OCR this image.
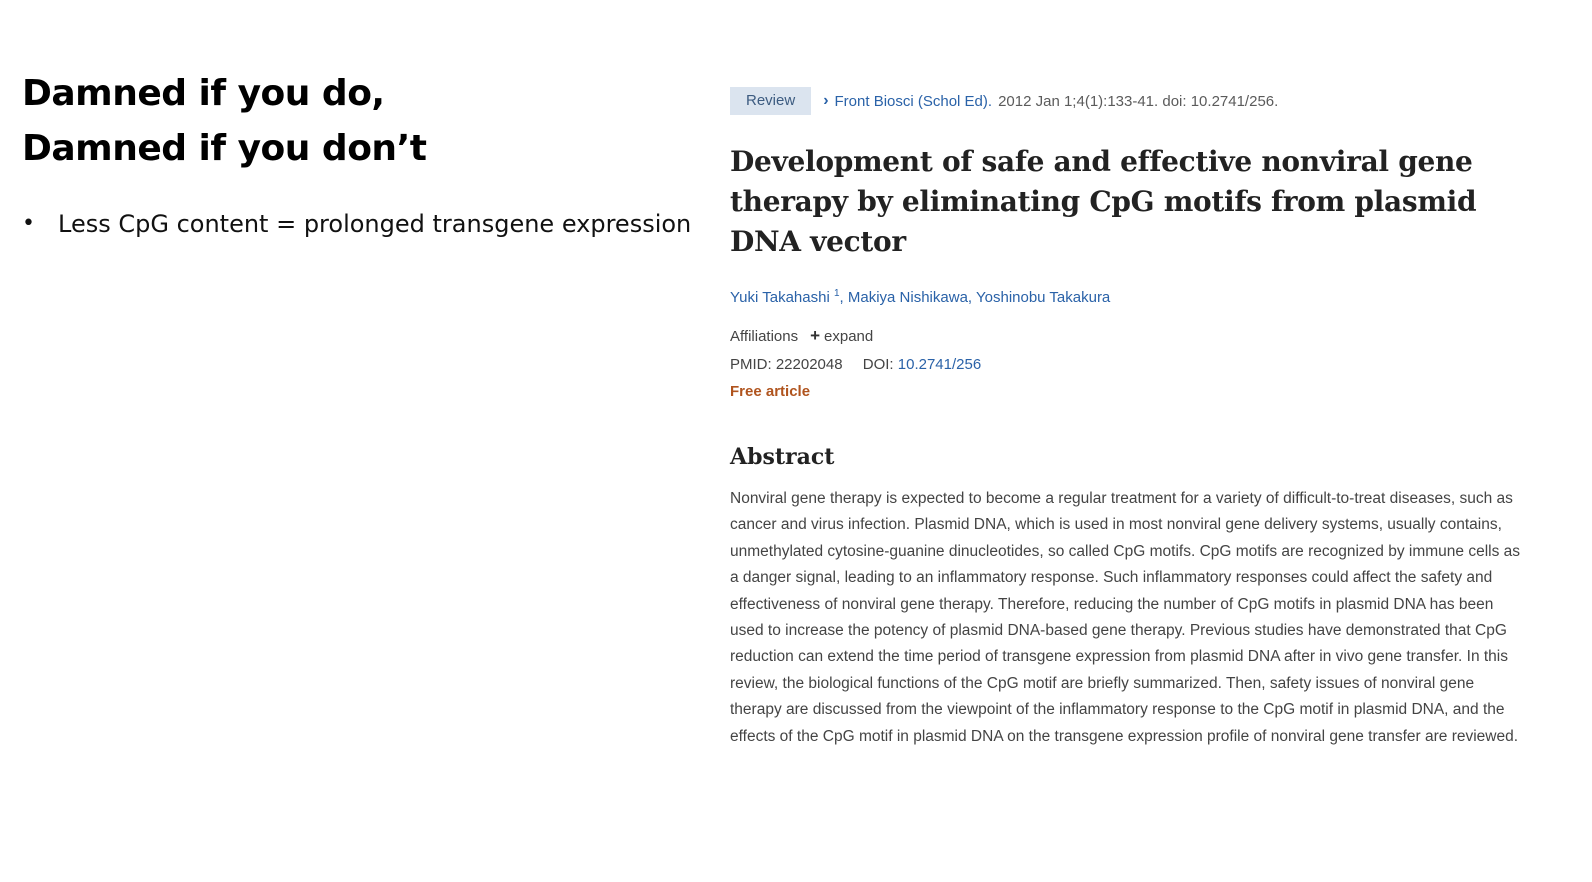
Damned if you do,
Damned if you don’t
• Less CpG content = prolonged transgene expression
Review	› Front Biosci (Schol Ed). 2012 Jan 1;4(1):133-41. doi: 10.2741/256.
Development of safe and effective nonviral gene therapy by eliminating CpG motifs from plasmid DNA vector
Yuki Takahashi $^1$, Makiya Nishikawa, Yoshinobu Takakura
Affiliations + expand
PMID: 22202048 DOI: 10.2741/256
Free article
Abstract

Nonviral gene therapy is expected to become a regular treatment for a variety of difficult-to-treat diseases, such as cancer and virus infection. Plasmid DNA, which is used in most nonviral gene delivery systems, usually contains, unmethylated cytosine-guanine dinucleotides, so called CpG motifs. CpG motifs are recognized by immune cells as a danger signal, leading to an inflammatory response. Such inflammatory responses could affect the safety and effectiveness of nonviral gene therapy. Therefore, reducing the number of CpG motifs in plasmid DNA has been used to increase the potency of plasmid DNA-based gene therapy. Previous studies have demonstrated that CpG reduction can extend the time period of transgene expression from plasmid DNA after in vivo gene transfer. In this review, the biological functions of the CpG motif are briefly summarized. Then, safety issues of nonviral gene therapy are discussed from the viewpoint of the inflammatory response to the CpG motif in plasmid DNA, and the effects of the CpG motif in plasmid DNA on the transgene expression profile of nonviral gene transfer are reviewed.
